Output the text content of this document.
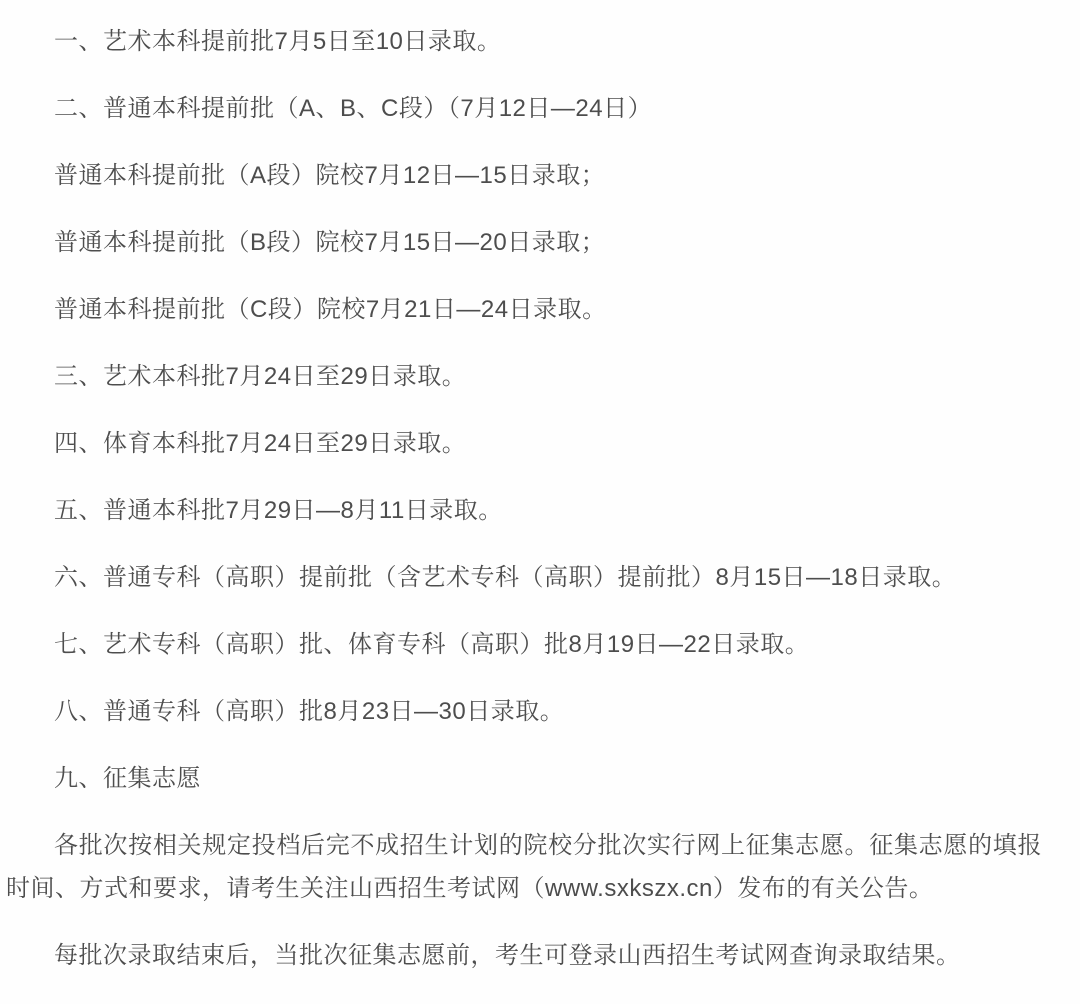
一、艺术本科提前批7月5日至10日录取。

二、普通本科提前批（A、B、C段）（7月12日—24日）

普通本科提前批（A段）院校7月12日—15日录取；

普通本科提前批（B段）院校7月15日—20日录取；

普通本科提前批（C段）院校7月21日—24日录取。

三、艺术本科批7月24日至29日录取。

四、体育本科批7月24日至29日录取。

五、普通本科批7月29日—8月11日录取。

六、普通专科（高职）提前批（含艺术专科（高职）提前批）8月15日—18日录取。

七、艺术专科（高职）批、体育专科（高职）批8月19日—22日录取。

八、普通专科（高职）批8月23日—30日录取。

九、征集志愿

各批次按相关规定投档后完不成招生计划的院校分批次实行网上征集志愿。征集志愿的填报时间、方式和要求，请考生关注山西招生考试网（www.sxkszx.cn）发布的有关公告。

每批次录取结束后，当批次征集志愿前，考生可登录山西招生考试网查询录取结果。
